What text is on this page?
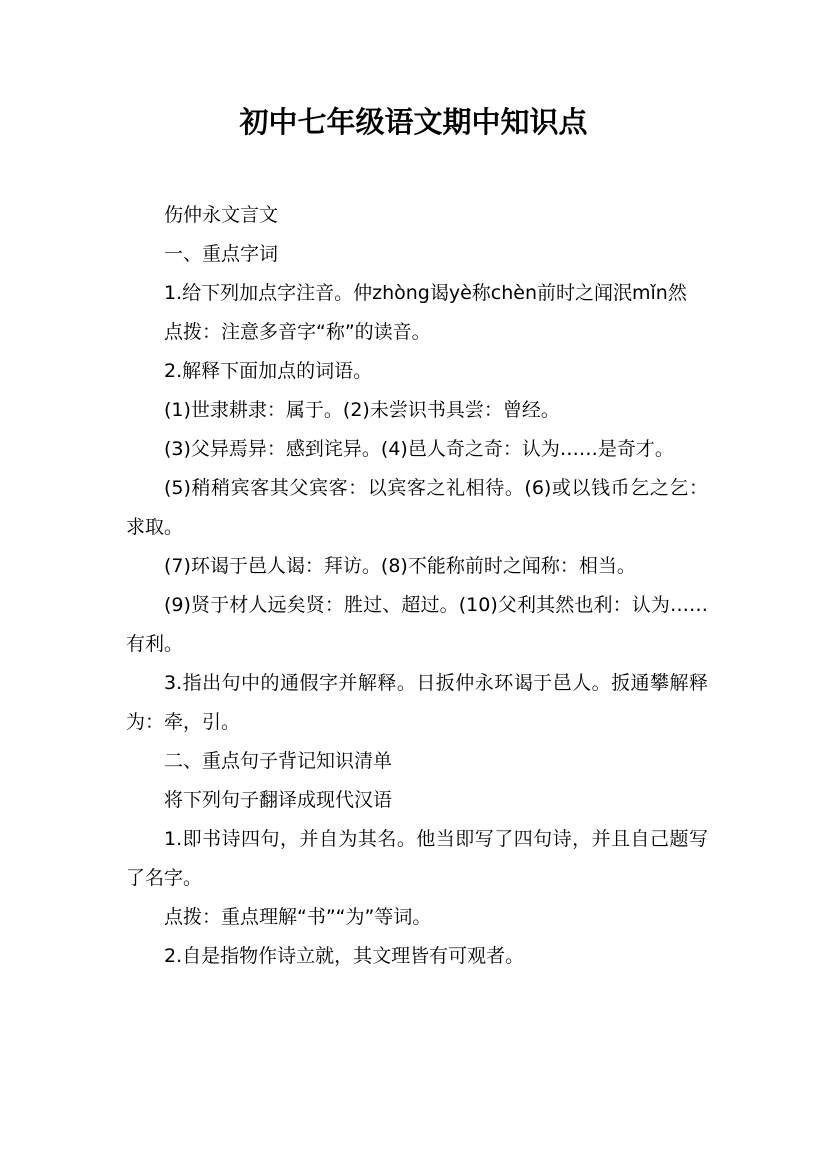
初中七年级语文期中知识点

伤仲永文言文

一、重点字词

1.给下列加点字注音。仲zhòng谒yè称chèn前时之闻泯mǐn然

点拨：注意多音字“称”的读音。

2.解释下面加点的词语。

(1)世隶耕隶：属于。(2)未尝识书具尝：曾经。

(3)父异焉异：感到诧异。(4)邑人奇之奇：认为……是奇才。

(5)稍稍宾客其父宾客：以宾客之礼相待。(6)或以钱币乞之乞：求取。

(7)环谒于邑人谒：拜访。(8)不能称前时之闻称：相当。

(9)贤于材人远矣贤：胜过、超过。(10)父利其然也利：认为……有利。

3.指出句中的通假字并解释。日扳仲永环谒于邑人。扳通攀解释为：牵，引。

二、重点句子背记知识清单

将下列句子翻译成现代汉语

1.即书诗四句，并自为其名。他当即写了四句诗，并且自己题写了名字。

点拨：重点理解“书”“为”等词。

2.自是指物作诗立就，其文理皆有可观者。
